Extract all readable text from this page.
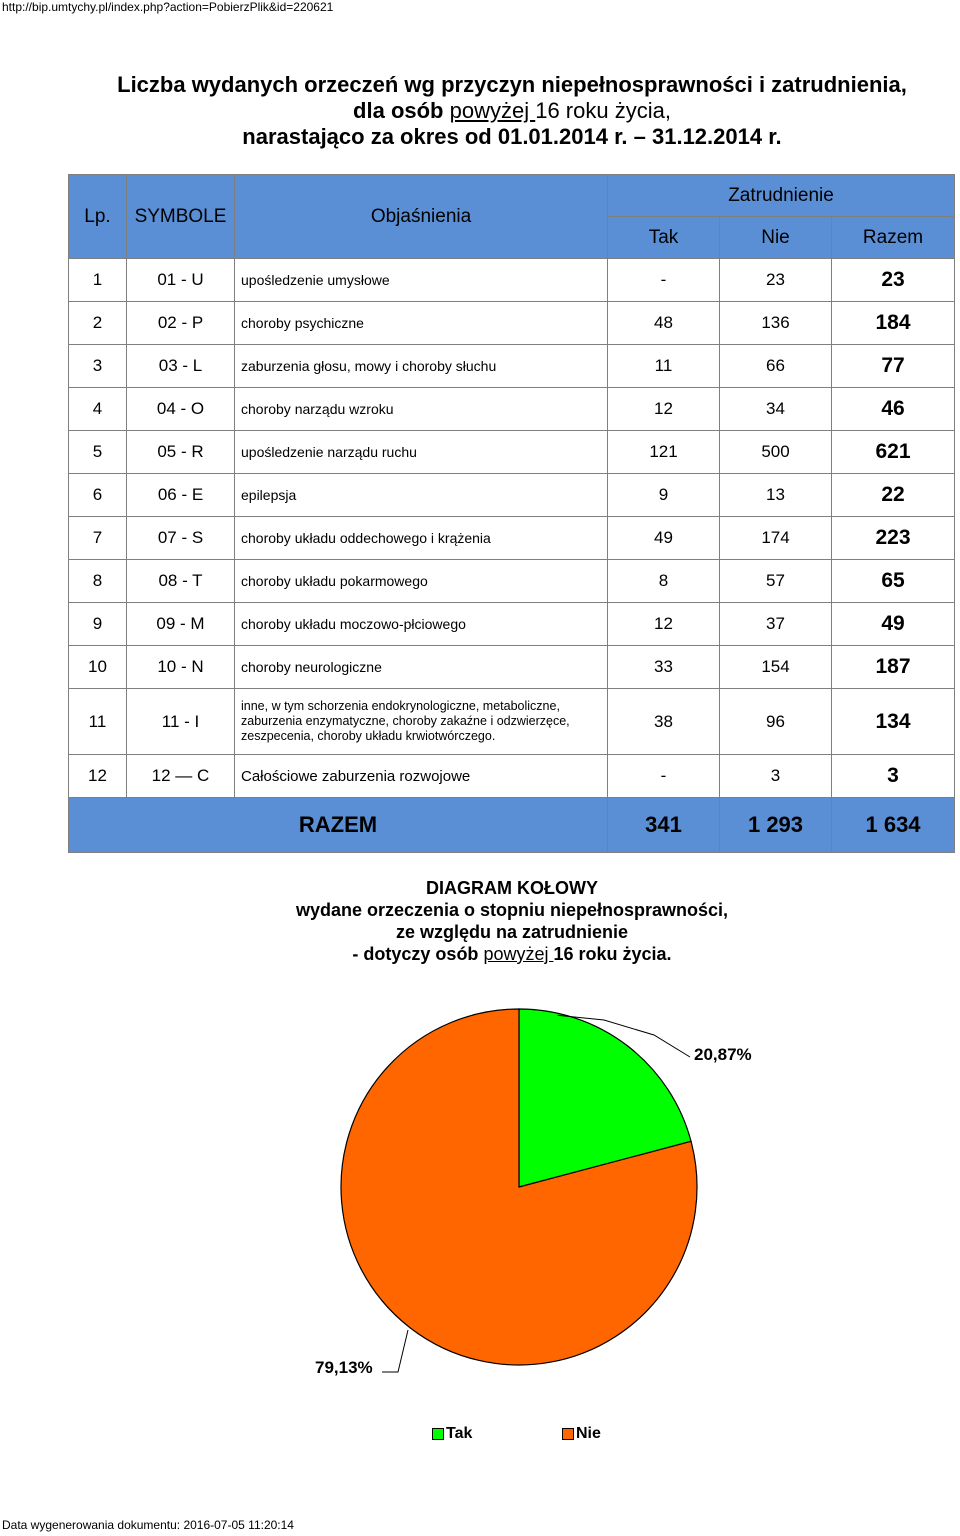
http://bip.umtychy.pl/index.php?action=PobierzPlik&id=220621
Liczba wydanych orzeczeń wg przyczyn niepełnosprawności i zatrudnienia,
dla osób powyżej 16 roku życia,
narastająco za okres od 01.01.2014 r. – 31.12.2014 r.
Lp.	SYMBOLE	Objaśnienia	Zatrudnienie		
			Tak	Nie	Razem
1	01 - U	upośledzenie umysłowe	-	23	23
2	02 - P	choroby psychiczne	48	136	184
3	03 - L	zaburzenia głosu, mowy i choroby słuchu	11	66	77
4	04 - O	choroby narządu wzroku	12	34	46
5	05 - R	upośledzenie narządu ruchu	121	500	621
6	06 - E	epilepsja	9	13	22
7	07 - S	choroby układu oddechowego i krążenia	49	174	223
8	08 - T	choroby układu pokarmowego	8	57	65
9	09 - M	choroby układu moczowo-płciowego	12	37	49
10	10 - N	choroby neurologiczne	33	154	187
11	11 - I	inne, w tym schorzenia endokrynologiczne, metaboliczne, zaburzenia enzymatyczne, choroby zakaźne i odzwierzęce, zeszpecenia, choroby układu krwiotwórczego.	38	96	134
12	12 — C	Całościowe zaburzenia rozwojowe	-	3	3
RAZEM			341	1 293	1 634
DIAGRAM KOŁOWY
wydane orzeczenia o stopniu niepełnosprawności,
ze względu na zatrudnienie
- dotyczy osób powyżej 16 roku życia.
20,87%
79,13%
Tak	Nie
Data wygenerowania dokumentu: 2016-07-05 11:20:14
